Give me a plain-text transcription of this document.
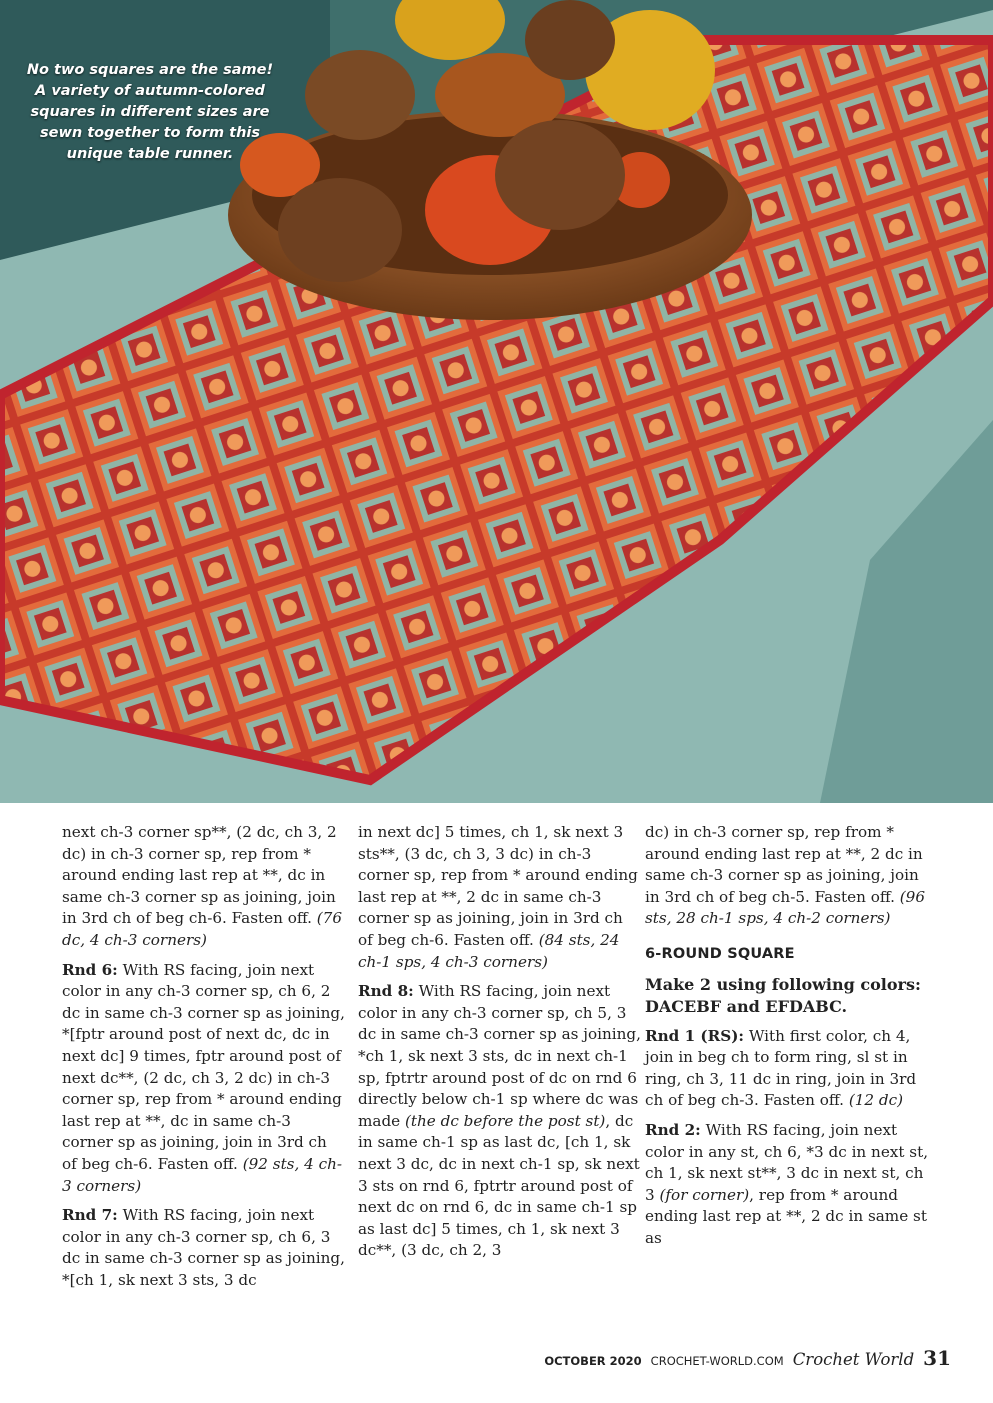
No two squares are the same!
A variety of autumn-colored
squares in different sizes are
sewn together to form this
unique table runner.

next ch-3 corner sp**, (2 dc, ch 3, 2 dc) in ch-3 corner sp, rep from * around ending last rep at **, dc in same ch-3 corner sp as joining, join in 3rd ch of beg ch-6. Fasten off. (76 dc, 4 ch-3 corners)

Rnd 6: With RS facing, join next color in any ch-3 corner sp, ch 6, 2 dc in same ch-3 corner sp as joining, *[fptr around post of next dc, dc in next dc] 9 times, fptr around post of next dc**, (2 dc, ch 3, 2 dc) in ch-3 corner sp, rep from * around ending last rep at **, dc in same ch-3 corner sp as joining, join in 3rd ch of beg ch-6. Fasten off. (92 sts, 4 ch-3 corners)

Rnd 7: With RS facing, join next color in any ch-3 corner sp, ch 6, 3 dc in same ch-3 corner sp as joining, *[ch 1, sk next 3 sts, 3 dc

in next dc] 5 times, ch 1, sk next 3 sts**, (3 dc, ch 3, 3 dc) in ch-3 corner sp, rep from * around ending last rep at **, 2 dc in same ch-3 corner sp as joining, join in 3rd ch of beg ch-6. Fasten off. (84 sts, 24 ch-1 sps, 4 ch-3 corners)

Rnd 8: With RS facing, join next color in any ch-3 corner sp, ch 5, 3 dc in same ch-3 corner sp as joining, *ch 1, sk next 3 sts, dc in next ch-1 sp, fptrtr around post of dc on rnd 6 directly below ch-1 sp where dc was made (the dc before the post st), dc in same ch-1 sp as last dc, [ch 1, sk next 3 dc, dc in next ch-1 sp, sk next 3 sts on rnd 6, fptrtr around post of next dc on rnd 6, dc in same ch-1 sp as last dc] 5 times, ch 1, sk next 3 dc**, (3 dc, ch 2, 3

dc) in ch-3 corner sp, rep from * around ending last rep at **, 2 dc in same ch-3 corner sp as joining, join in 3rd ch of beg ch-5. Fasten off. (96 sts, 28 ch-1 sps, 4 ch-2 corners)

6-ROUND SQUARE

Make 2 using following colors: DACEBF and EFDABC.

Rnd 1 (RS): With first color, ch 4, join in beg ch to form ring, sl st in ring, ch 3, 11 dc in ring, join in 3rd ch of beg ch-3. Fasten off. (12 dc)

Rnd 2: With RS facing, join next color in any st, ch 6, *3 dc in next st, ch 1, sk next st**, 3 dc in next st, ch 3 (for corner), rep from * around ending last rep at **, 2 dc in same st as

OCTOBER 2020 CROCHET-WORLD.COM Crochet World 31
